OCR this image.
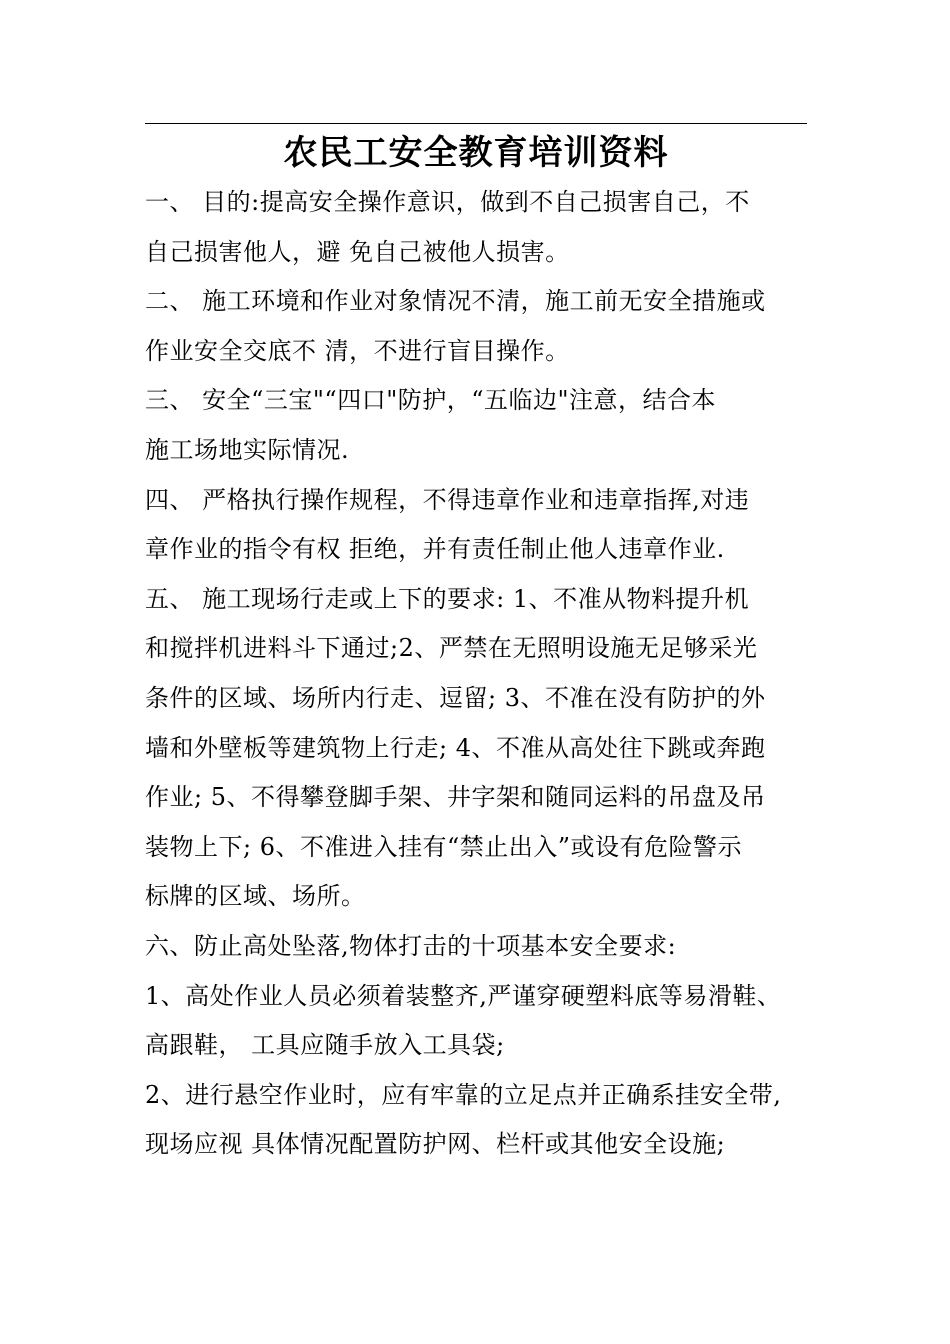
农民工安全教育培训资料
一、 目的:提高安全操作意识，做到不自己损害自己，不
自己损害他人，避 免自己被他人损害。
二、 施工环境和作业对象情况不清，施工前无安全措施或
作业安全交底不 清，不进行盲目操作。
三、 安全“三宝"“四口"防护，“五临边"注意，结合本
施工场地实际情况.
四、 严格执行操作规程，不得违章作业和违章指挥,对违
章作业的指令有权 拒绝，并有责任制止他人违章作业.
五、 施工现场行走或上下的要求: 1、不准从物料提升机
和搅拌机进料斗下通过;2、严禁在无照明设施无足够采光
条件的区域、场所内行走、逗留; 3、不准在没有防护的外
墙和外壁板等建筑物上行走; 4、不准从高处往下跳或奔跑
作业; 5、不得攀登脚手架、井字架和随同运料的吊盘及吊
装物上下; 6、不准进入挂有“禁止出入”或设有危险警示
标牌的区域、场所。
六、防止高处坠落,物体打击的十项基本安全要求:
1、高处作业人员必须着装整齐,严谨穿硬塑料底等易滑鞋、
高跟鞋， 工具应随手放入工具袋;
2、进行悬空作业时，应有牢靠的立足点并正确系挂安全带,
现场应视 具体情况配置防护网、栏杆或其他安全设施;
